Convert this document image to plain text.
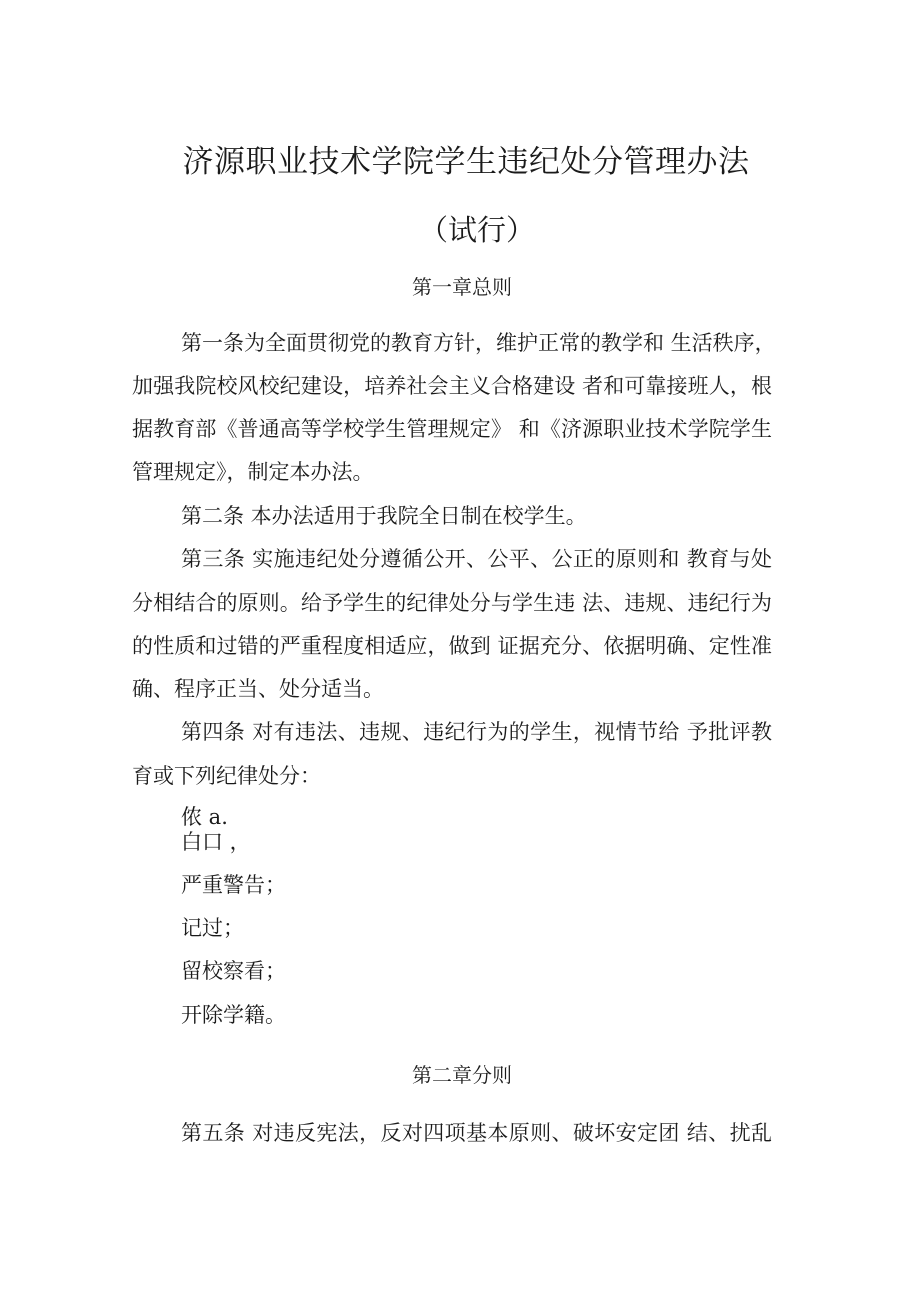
济源职业技术学院学生违纪处分管理办法
（试行）
第一章总则
第一条为全面贯彻党的教育方针，维护正常的教学和 生活秩序，
加强我院校风校纪建设，培养社会主义合格建设 者和可靠接班人，根
据教育部《普通高等学校学生管理规定》 和《济源职业技术学院学生
管理规定》，制定本办法。
第二条 本办法适用于我院全日制在校学生。
第三条 实施违纪处分遵循公开、公平、公正的原则和 教育与处
分相结合的原则。给予学生的纪律处分与学生违 法、违规、违纪行为
的性质和过错的严重程度相适应，做到 证据充分、依据明确、定性准
确、程序正当、处分适当。
第四条 对有违法、违规、违纪行为的学生，视情节给 予批评教
育或下列纪律处分：
侬 a.
白口 ，
严重警告；
记过；
留校察看；
开除学籍。
第二章分则
第五条 对违反宪法，反对四项基本原则、破坏安定团 结、扰乱
